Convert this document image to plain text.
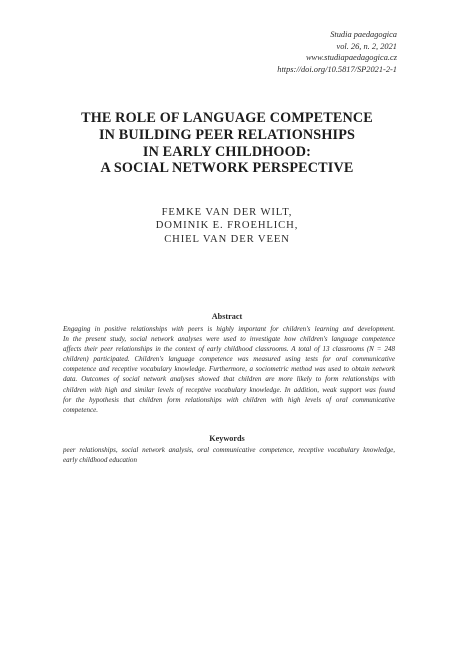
Studia paedagogica
vol. 26, n. 2, 2021
www.studiapaedagogica.cz
https://doi.org/10.5817/SP2021-2-1
THE ROLE OF LANGUAGE COMPETENCE
IN BUILDING PEER RELATIONSHIPS
IN EARLY CHILDHOOD:
A SOCIAL NETWORK PERSPECTIVE
FEMKE VAN DER WILT,
DOMINIK E. FROEHLICH,
CHIEL VAN DER VEEN
Abstract
Engaging in positive relationships with peers is highly important for children's learning and development.
In the present study, social network analyses were used to investigate how children's language competence
affects their peer relationships in the context of early childhood classrooms. A total of 13 classrooms (N = 248
children) participated. Children's language competence was measured using tests for oral communicative
competence and receptive vocabulary knowledge. Furthermore, a sociometric method was used to obtain network
data. Outcomes of social network analyses showed that children are more likely to form relationships with
children with high and similar levels of receptive vocabulary knowledge. In addition, weak support was found
for the hypothesis that children form relationships with children with high levels of oral communicative
competence.
Keywords
peer relationships, social network analysis, oral communicative competence, receptive vocabulary knowledge,
early childhood education
